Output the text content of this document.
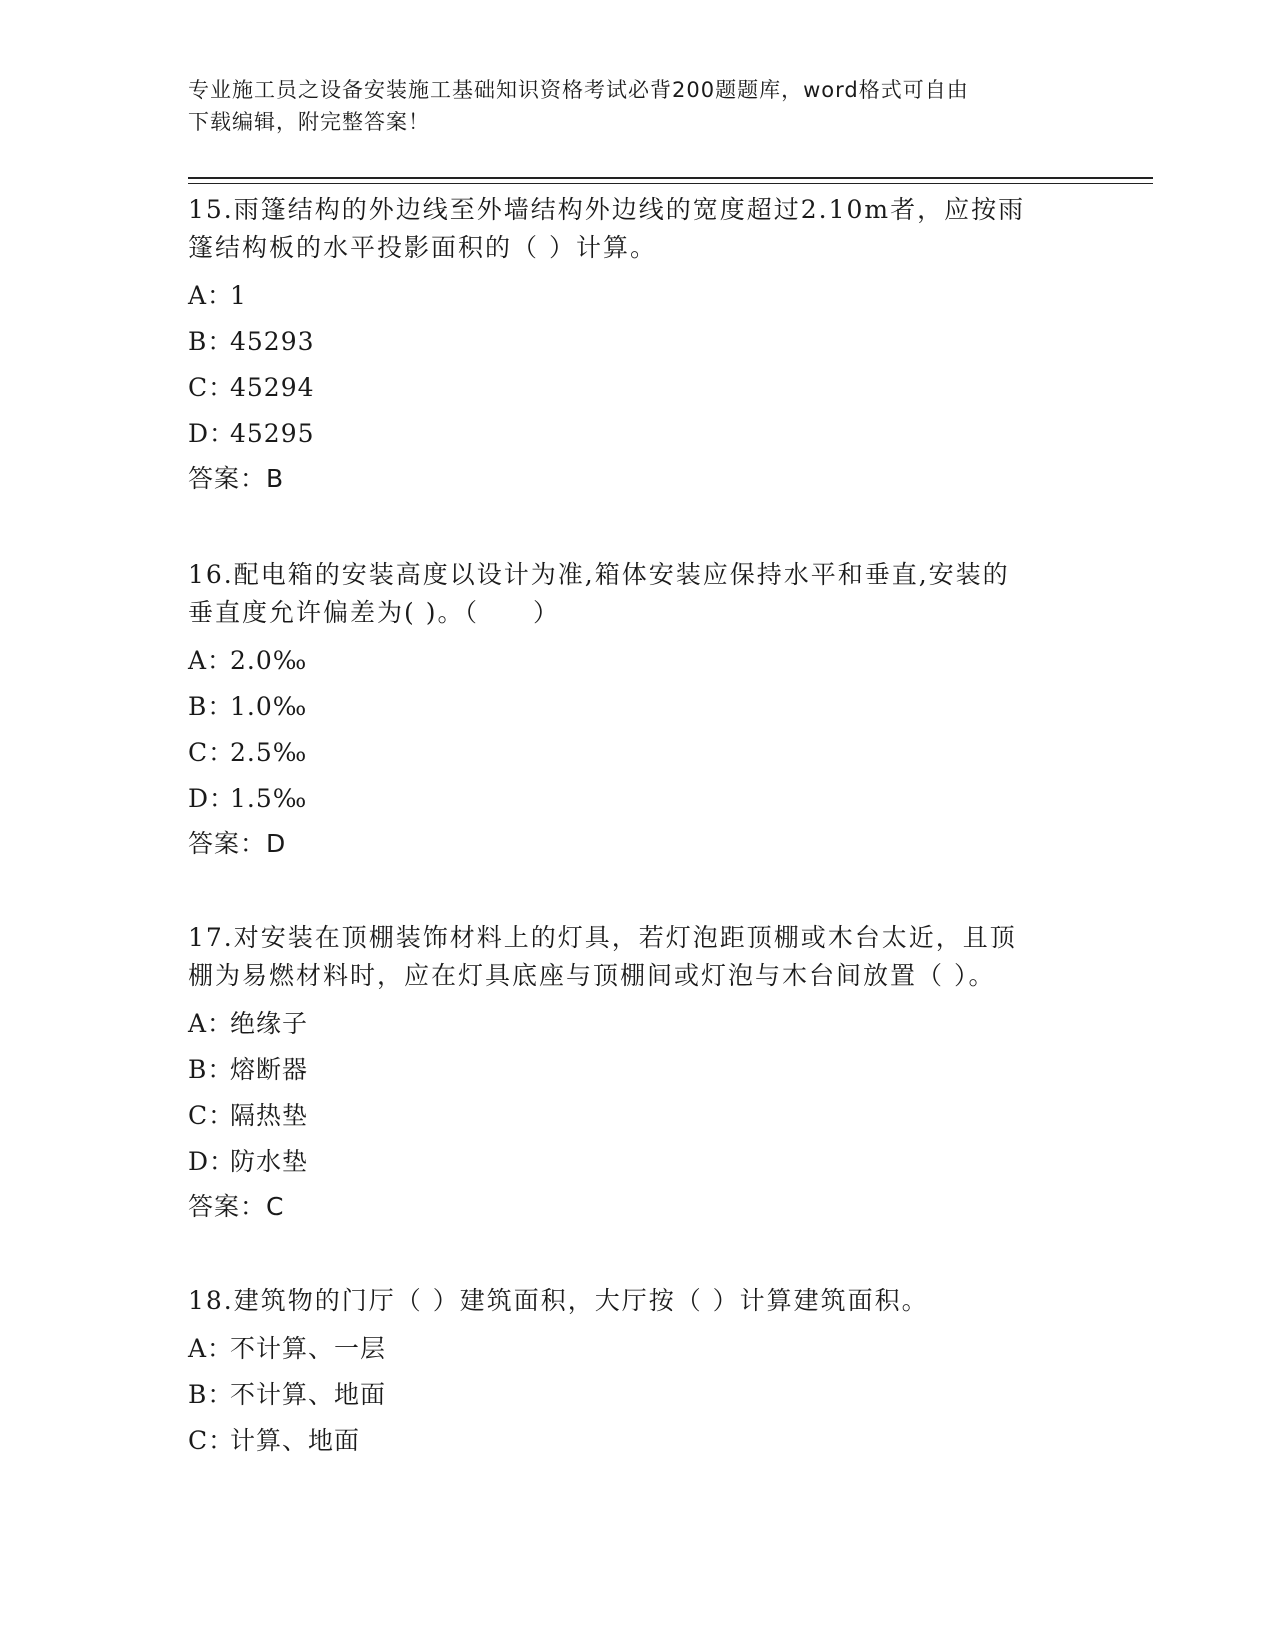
专业施工员之设备安装施工基础知识资格考试必背200题题库，word格式可自由
下载编辑，附完整答案！

15.雨篷结构的外边线至外墙结构外边线的宽度超过2.10m者，应按雨

篷结构板的水平投影面积的（ ）计算。

A：1

B：45293

C：45294

D：45295

答案：B

16.配电箱的安装高度以设计为准,箱体安装应保持水平和垂直,安装的

垂直度允许偏差为( )。（　　）

A：2.0‰

B：1.0‰

C：2.5‰

D：1.5‰

答案：D

17.对安装在顶棚装饰材料上的灯具，若灯泡距顶棚或木台太近，且顶

棚为易燃材料时，应在灯具底座与顶棚间或灯泡与木台间放置（ ）。

A：绝缘子

B：熔断器

C：隔热垫

D：防水垫

答案：C

18.建筑物的门厅（ ）建筑面积，大厅按（ ）计算建筑面积。

A：不计算、一层

B：不计算、地面

C：计算、地面
